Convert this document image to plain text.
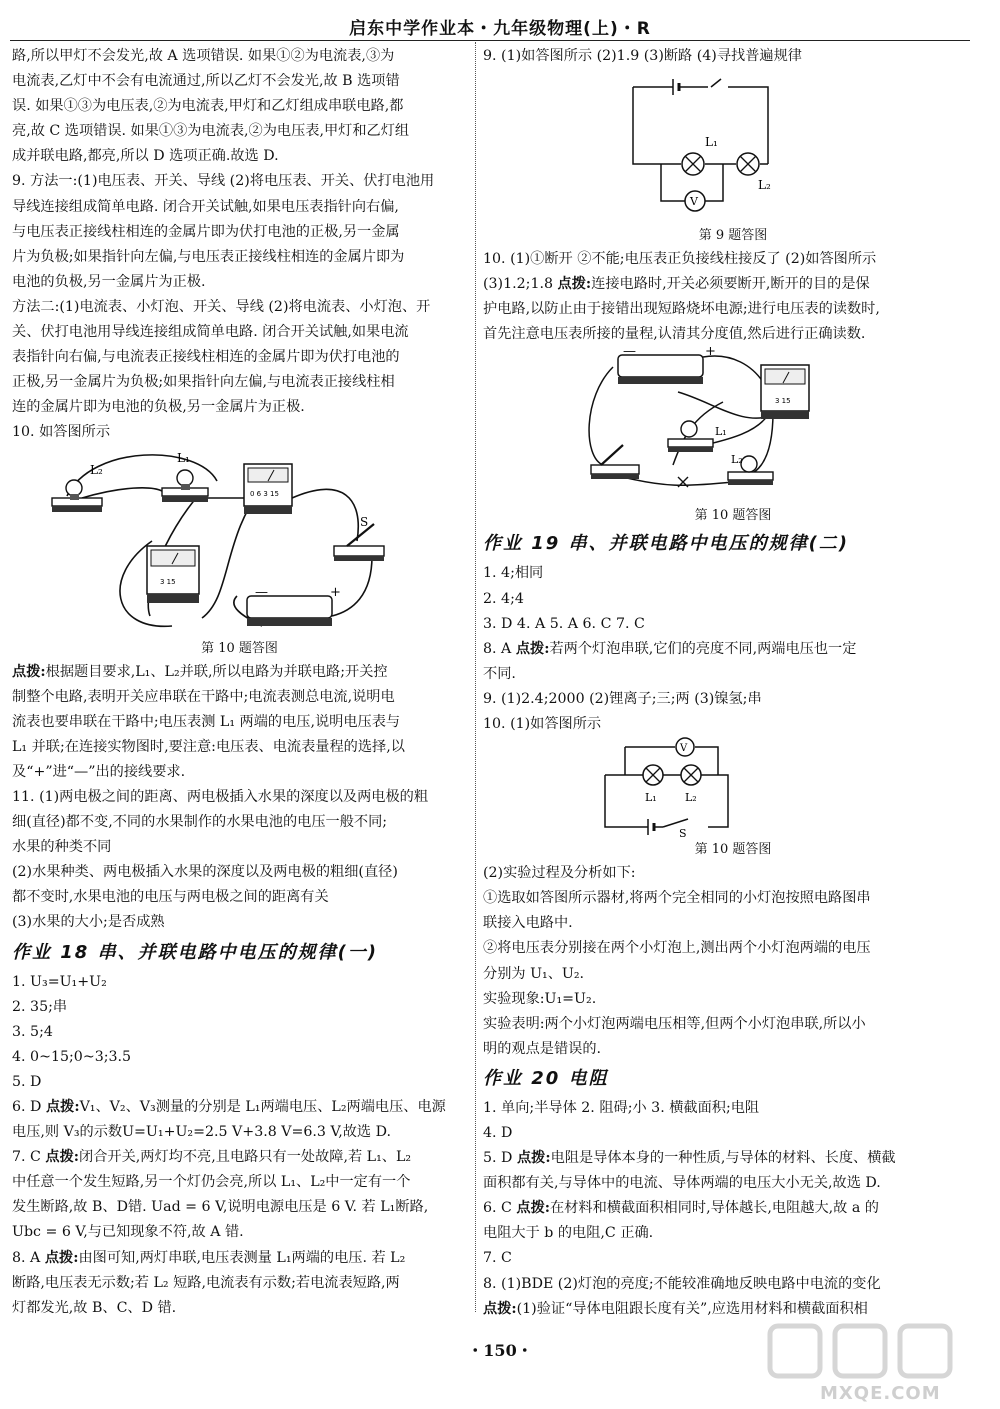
启东中学作业本・九年级物理(上)・R

路,所以甲灯不会发光,故 A 选项错误. 如果①②为电流表,③为

电流表,乙灯中不会有电流通过,所以乙灯不会发光,故 B 选项错

误. 如果①③为电压表,②为电流表,甲灯和乙灯组成串联电路,都

亮,故 C 选项错误. 如果①③为电流表,②为电压表,甲灯和乙灯组

成并联电路,都亮,所以 D 选项正确.故选 D.

9. 方法一:(1)电压表、开关、导线 (2)将电压表、开关、伏打电池用

导线连接组成简单电路. 闭合开关试触,如果电压表指针向右偏,

与电压表正接线柱相连的金属片即为伏打电池的正极,另一金属

片为负极;如果指针向左偏,与电压表正接线柱相连的金属片即为

电池的负极,另一金属片为正极.

方法二:(1)电流表、小灯泡、开关、导线 (2)将电流表、小灯泡、开

关、伏打电池用导线连接组成简单电路. 闭合开关试触,如果电流

表指针向右偏,与电流表正接线柱相连的金属片即为伏打电池的

正极,另一金属片为负极;如果指针向左偏,与电流表正接线柱相

连的金属片即为电池的负极,另一金属片为正极.

10. 如答图所示

L₂
L₁
S
+
—
0 6 3 15
3 15

第 10 题答图

点拨:根据题目要求,L₁、L₂并联,所以电路为并联电路;开关控

制整个电路,表明开关应串联在干路中;电流表测总电流,说明电

流表也要串联在干路中;电压表测 L₁ 两端的电压,说明电压表与

L₁ 并联;在连接实物图时,要注意:电压表、电流表量程的选择,以

及“+”进“—”出的接线要求.

11. (1)两电极之间的距离、两电极插入水果的深度以及两电极的粗

细(直径)都不变,不同的水果制作的水果电池的电压一般不同;

水果的种类不同

(2)水果种类、两电极插入水果的深度以及两电极的粗细(直径)

都不变时,水果电池的电压与两电极之间的距离有关

(3)水果的大小;是否成熟

作业 18 串、并联电路中电压的规律(一)

1. U₃=U₁+U₂

2. 35;串

3. 5;4

4. 0~15;0~3;3.5

5. D

6. D 点拨:V₁、V₂、V₃测量的分别是 L₁两端电压、L₂两端电压、电源

电压,则 V₃的示数U=U₁+U₂=2.5 V+3.8 V=6.3 V,故选 D.

7. C 点拨:闭合开关,两灯均不亮,且电路只有一处故障,若 L₁、L₂

中任意一个发生短路,另一个灯仍会亮,所以 L₁、L₂中一定有一个

发生断路,故 B、D错. Uad = 6 V,说明电源电压是 6 V. 若 L₁断路,

Ubc = 6 V,与已知现象不符,故 A 错.

8. A 点拨:由图可知,两灯串联,电压表测量 L₁两端的电压. 若 L₂

断路,电压表无示数;若 L₂ 短路,电流表有示数;若电流表短路,两

灯都发光,故 B、C、D 错.

9. (1)如答图所示 (2)1.9 (3)断路 (4)寻找普遍规律

V
L₁
L₂

第 9 题答图

10. (1)①断开 ②不能;电压表正负接线柱接反了 (2)如答图所示

(3)1.2;1.8 点拨:连接电路时,开关必须要断开,断开的目的是保

护电路,以防止由于接错出现短路烧坏电源;进行电压表的读数时,

首先注意电压表所接的量程,认清其分度值,然后进行正确读数.

L₁
L₂
+
—
3 15

第 10 题答图

作业 19 串、并联电路中电压的规律(二)

1. 4;相同

2. 4;4

3. D 4. A 5. A 6. C 7. C

8. A 点拨:若两个灯泡串联,它们的亮度不同,两端电压也一定

不同.

9. (1)2.4;2000 (2)锂离子;三;两 (3)镍氢;串

10. (1)如答图所示

V
L₁	L₂
S

第 10 题答图

(2)实验过程及分析如下:

①选取如答图所示器材,将两个完全相同的小灯泡按照电路图串

联接入电路中.

②将电压表分别接在两个小灯泡上,测出两个小灯泡两端的电压

分别为 U₁、U₂.

实验现象:U₁=U₂.

实验表明:两个小灯泡两端电压相等,但两个小灯泡串联,所以小

明的观点是错误的.

作业 20 电阻

1. 单向;半导体 2. 阻碍;小 3. 横截面积;电阻

4. D

5. D 点拨:电阻是导体本身的一种性质,与导体的材料、长度、横截

面积都有关,与导体中的电流、导体两端的电压大小无关,故选 D.

6. C 点拨:在材料和横截面积相同时,导体越长,电阻越大,故 a 的

电阻大于 b 的电阻,C 正确.

7. C

8. (1)BDE (2)灯泡的亮度;不能较准确地反映电路中电流的变化

点拨:(1)验证“导体电阻跟长度有关”,应选用材料和横截面积相

・150・
MXQE.COM
